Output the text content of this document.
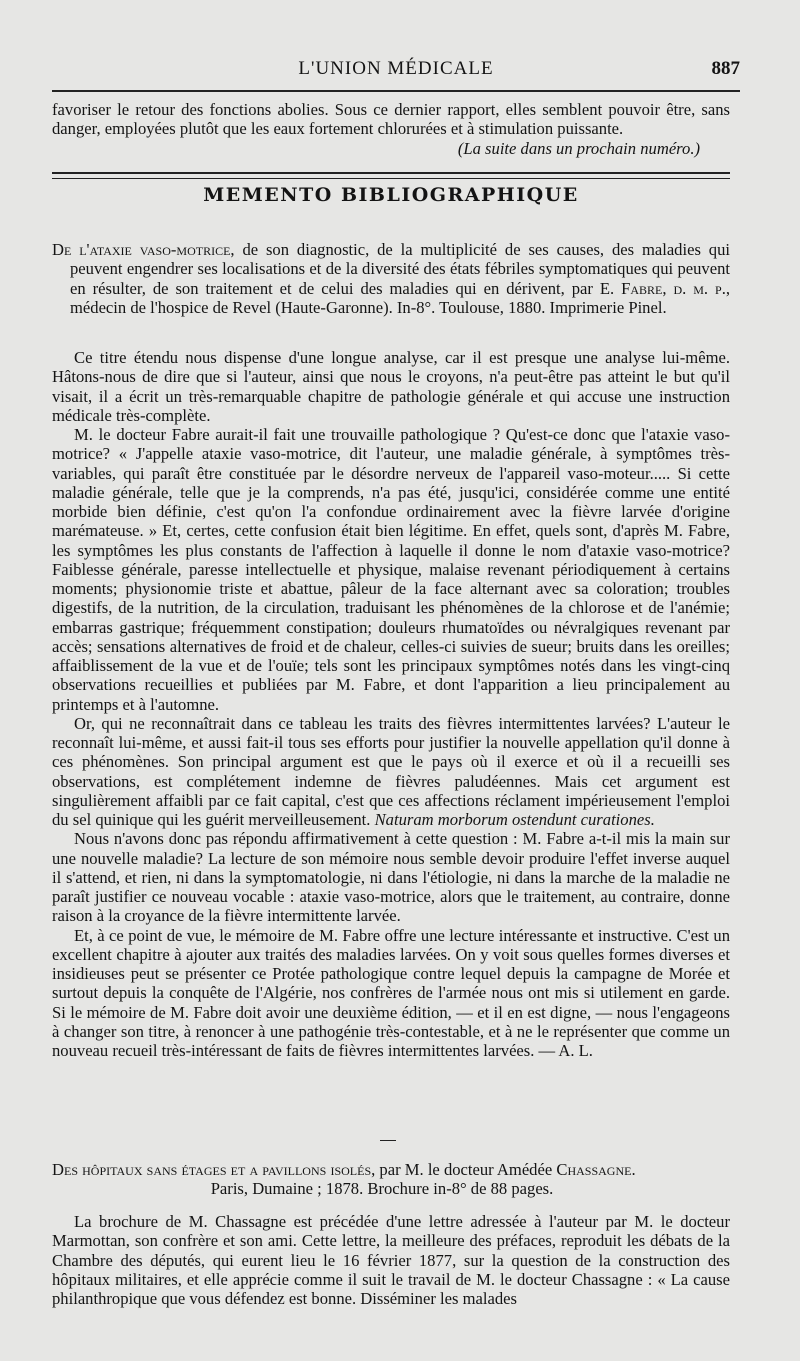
L'UNION MÉDICALE	887

favoriser le retour des fonctions abolies. Sous ce dernier rapport, elles semblent pouvoir être, sans danger, employées plutôt que les eaux fortement chlorurées et à stimulation puissante.

(La suite dans un prochain numéro.)
MEMENTO BIBLIOGRAPHIQUE

De l'ataxie vaso-motrice, de son diagnostic, de la multiplicité de ses causes, des maladies qui peuvent engendrer ses localisations et de la diversité des états fébriles symptomatiques qui peuvent en résulter, de son traitement et de celui des maladies qui en dérivent, par E. Fabre, d. m. p., médecin de l'hospice de Revel (Haute-Garonne). In-8°. Toulouse, 1880. Imprimerie Pinel.

Ce titre étendu nous dispense d'une longue analyse, car il est presque une analyse lui-même. Hâtons-nous de dire que si l'auteur, ainsi que nous le croyons, n'a peut-être pas atteint le but qu'il visait, il a écrit un très-remarquable chapitre de pathologie générale et qui accuse une instruction médicale très-complète.

M. le docteur Fabre aurait-il fait une trouvaille pathologique ? Qu'est-ce donc que l'ataxie vaso-motrice? « J'appelle ataxie vaso-motrice, dit l'auteur, une maladie générale, à symptômes très-variables, qui paraît être constituée par le désordre nerveux de l'appareil vaso-moteur..... Si cette maladie générale, telle que je la comprends, n'a pas été, jusqu'ici, considérée comme une entité morbide bien définie, c'est qu'on l'a confondue ordinairement avec la fièvre larvée d'origine marémateuse. » Et, certes, cette confusion était bien légitime. En effet, quels sont, d'après M. Fabre, les symptômes les plus constants de l'affection à laquelle il donne le nom d'ataxie vaso-motrice? Faiblesse générale, paresse intellectuelle et physique, malaise revenant périodiquement à certains moments; physionomie triste et abattue, pâleur de la face alternant avec sa coloration; troubles digestifs, de la nutrition, de la circulation, traduisant les phénomènes de la chlorose et de l'anémie; embarras gastrique; fréquemment constipation; douleurs rhumatoïdes ou névralgiques revenant par accès; sensations alternatives de froid et de chaleur, celles-ci suivies de sueur; bruits dans les oreilles; affaiblissement de la vue et de l'ouïe; tels sont les principaux symptômes notés dans les vingt-cinq observations recueillies et publiées par M. Fabre, et dont l'apparition a lieu principalement au printemps et à l'automne.

Or, qui ne reconnaîtrait dans ce tableau les traits des fièvres intermittentes larvées? L'auteur le reconnaît lui-même, et aussi fait-il tous ses efforts pour justifier la nouvelle appellation qu'il donne à ces phénomènes. Son principal argument est que le pays où il exerce et où il a recueilli ses observations, est complétement indemne de fièvres paludéennes. Mais cet argument est singulièrement affaibli par ce fait capital, c'est que ces affections réclament impérieusement l'emploi du sel quinique qui les guérit merveilleusement. Naturam morborum ostendunt curationes.

Nous n'avons donc pas répondu affirmativement à cette question : M. Fabre a-t-il mis la main sur une nouvelle maladie? La lecture de son mémoire nous semble devoir produire l'effet inverse auquel il s'attend, et rien, ni dans la symptomatologie, ni dans l'étiologie, ni dans la marche de la maladie ne paraît justifier ce nouveau vocable : ataxie vaso-motrice, alors que le traitement, au contraire, donne raison à la croyance de la fièvre intermittente larvée.

Et, à ce point de vue, le mémoire de M. Fabre offre une lecture intéressante et instructive. C'est un excellent chapitre à ajouter aux traités des maladies larvées. On y voit sous quelles formes diverses et insidieuses peut se présenter ce Protée pathologique contre lequel depuis la campagne de Morée et surtout depuis la conquête de l'Algérie, nos confrères de l'armée nous ont mis si utilement en garde. Si le mémoire de M. Fabre doit avoir une deuxième édition, — et il en est digne, — nous l'engageons à changer son titre, à renoncer à une pathogénie très-contestable, et à ne le représenter que comme un nouveau recueil très-intéressant de faits de fièvres intermittentes larvées. — A. L.

Des hôpitaux sans étages et a pavillons isolés, par M. le docteur Amédée Chassagne.

Paris, Dumaine ; 1878. Brochure in-8° de 88 pages.

La brochure de M. Chassagne est précédée d'une lettre adressée à l'auteur par M. le docteur Marmottan, son confrère et son ami. Cette lettre, la meilleure des préfaces, reproduit les débats de la Chambre des députés, qui eurent lieu le 16 février 1877, sur la question de la construction des hôpitaux militaires, et elle apprécie comme il suit le travail de M. le docteur Chassagne : « La cause philanthropique que vous défendez est bonne. Disséminer les malades
